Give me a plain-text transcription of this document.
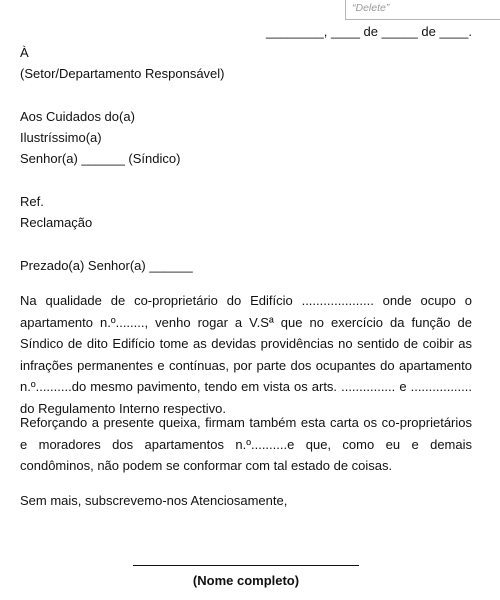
“Delete”
________, ____ de _____ de ____.
À
(Setor/Departamento Responsável)
Aos Cuidados do(a)
Ilustríssimo(a)
Senhor(a) ______ (Síndico)
Ref.
Reclamação
Prezado(a) Senhor(a) ______
Na qualidade de co-proprietário do Edifício .................... onde ocupo o apartamento n.º........, venho rogar a V.Sª que no exercício da função de Síndico de dito Edifício tome as devidas providências no sentido de coibir as infrações permanentes e contínuas, por parte dos ocupantes do apartamento n.º..........do mesmo pavimento, tendo em vista os arts. ............... e ................. do Regulamento Interno respectivo.
Reforçando a presente queixa, firmam também esta carta os co-proprietários e moradores dos apartamentos n.º..........e que, como eu e demais condôminos, não podem se conformar com tal estado de coisas.
Sem mais, subscrevemo-nos Atenciosamente,
(Nome completo)
